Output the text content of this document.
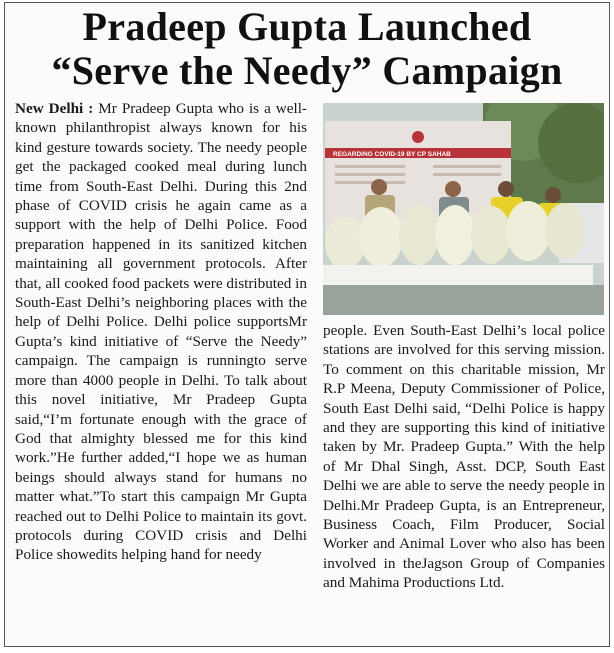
Pradeep Gupta Launched
“Serve the Needy” Campaign

New Delhi : Mr Pradeep Gupta who is a well-known philanthropist always known for his kind gesture towards society. The needy people get the packaged cooked meal during lunch time from South-East Delhi. During this 2nd phase of COVID crisis he again came as a support with the help of Delhi Police. Food preparation happened in its sanitized kitchen maintaining all government protocols. After that, all cooked food packets were distributed in South-East Delhi’s neighboring places with the help of Delhi Police. Delhi police supportsMr Gupta’s kind initiative of “Serve the Needy” campaign. The campaign is runningto serve more than 4000 people in Delhi. To talk about this novel initiative, Mr Pradeep Gupta said,“I’m fortunate enough with the grace of God that almighty blessed me for this kind work.”He further added,“I hope we as human beings should always stand for humans no matter what.”To start this campaign Mr Gupta reached out to Delhi Police to maintain its govt. protocols during COVID crisis and Delhi Police showedits helping hand for needy

REGARDING COVID-19 BY CP SAHAB

people. Even South-East Delhi’s local police stations are involved for this serving mission. To comment on this charitable mission, Mr R.P Meena, Deputy Commissioner of Police, South East Delhi said, “Delhi Police is happy and they are supporting this kind of initiative taken by Mr. Pradeep Gupta.” With the help of Mr Dhal Singh, Asst. DCP, South East Delhi we are able to serve the needy people in Delhi.Mr Pradeep Gupta, is an Entrepreneur, Business Coach, Film Producer, Social Worker and Animal Lover who also has been involved in theJagson Group of Companies and Mahima Productions Ltd.
